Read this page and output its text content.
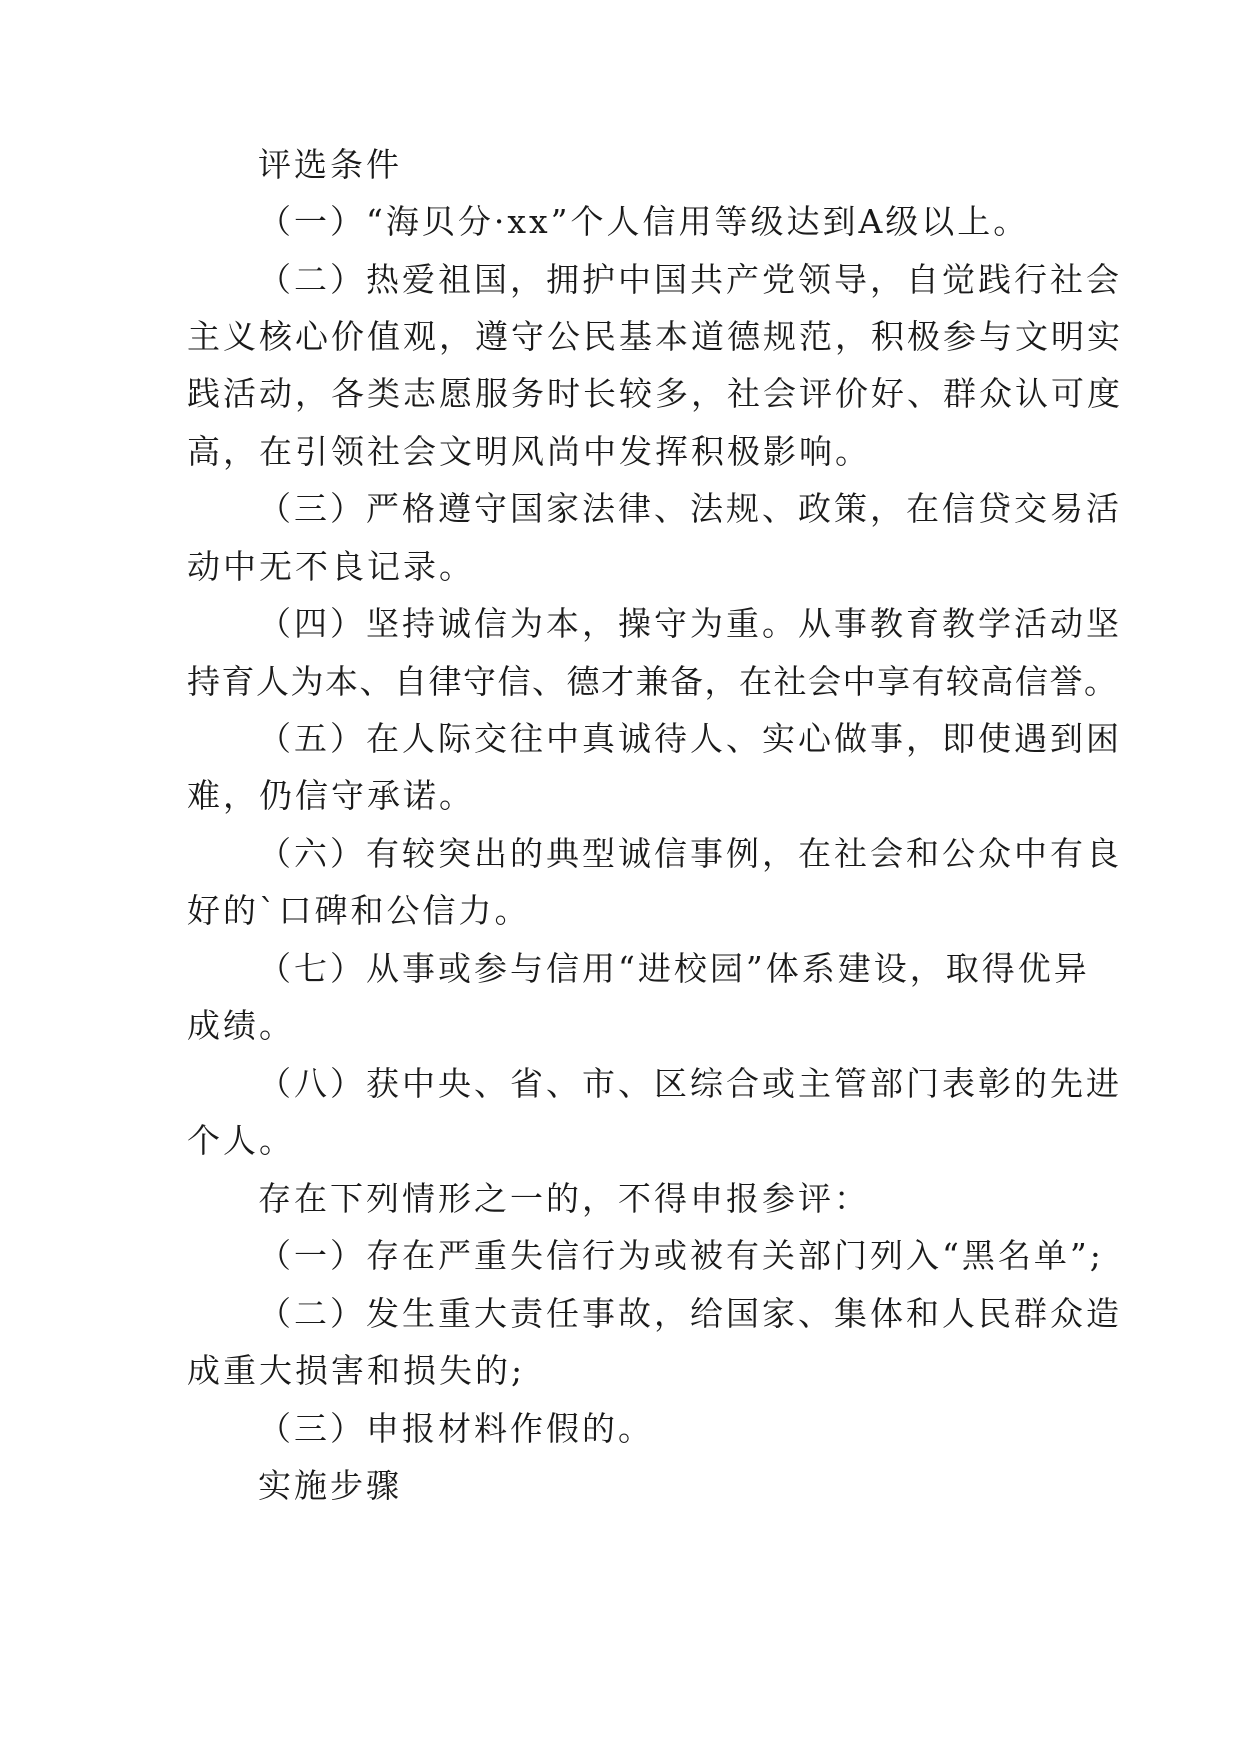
评选条件
（一）“海贝分·xx”个人信用等级达到A级以上。
（二）热爱祖国，拥护中国共产党领导，自觉践行社会
主义核心价值观，遵守公民基本道德规范，积极参与文明实
践活动，各类志愿服务时长较多，社会评价好、群众认可度
高，在引领社会文明风尚中发挥积极影响。
（三）严格遵守国家法律、法规、政策，在信贷交易活
动中无不良记录。
（四）坚持诚信为本，操守为重。从事教育教学活动坚
持育人为本、自律守信、德才兼备，在社会中享有较高信誉。
（五）在人际交往中真诚待人、实心做事，即使遇到困
难，仍信守承诺。
（六）有较突出的典型诚信事例，在社会和公众中有良
好的`口碑和公信力。
（七）从事或参与信用“进校园”体系建设，取得优异
成绩。
（八）获中央、省、市、区综合或主管部门表彰的先进
个人。
存在下列情形之一的，不得申报参评：
（一）存在严重失信行为或被有关部门列入“黑名单”;
（二）发生重大责任事故，给国家、集体和人民群众造
成重大损害和损失的;
（三）申报材料作假的。
实施步骤
